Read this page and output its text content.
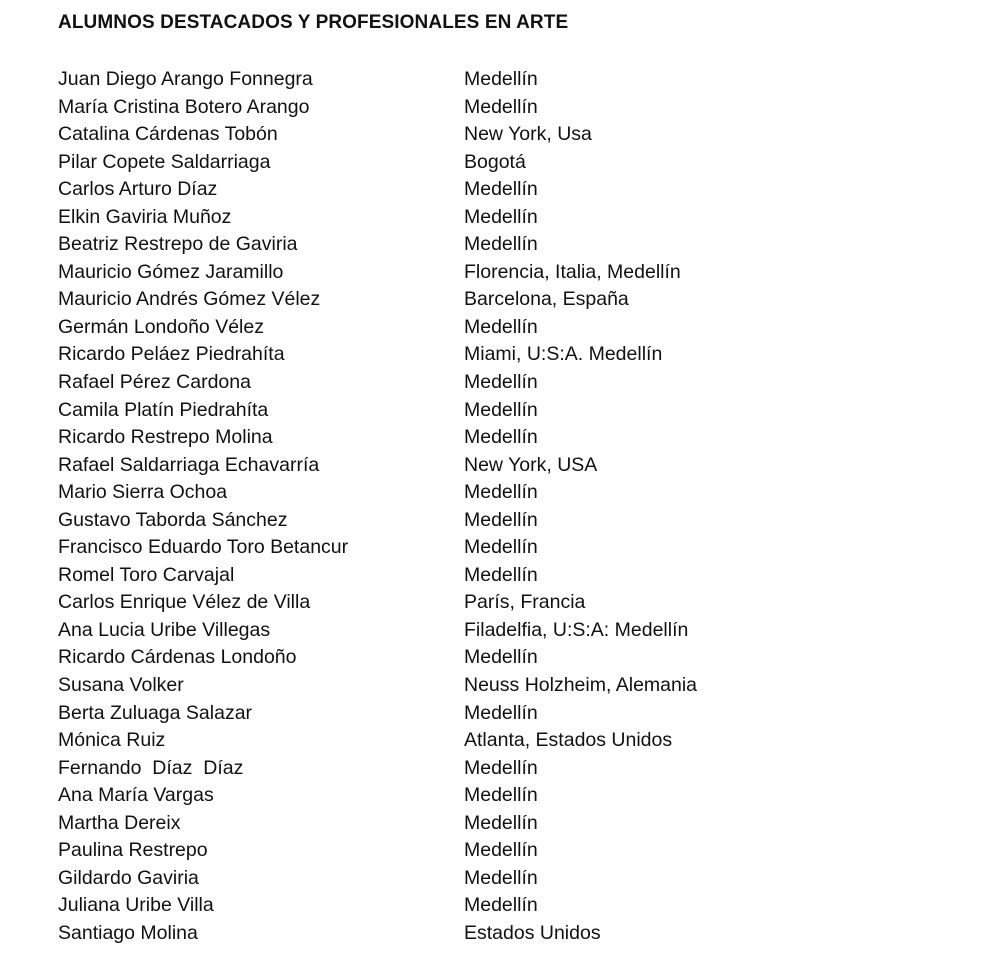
ALUMNOS DESTACADOS Y PROFESIONALES EN ARTE
Juan Diego Arango Fonnegra	Medellín
María Cristina Botero Arango	Medellín
Catalina Cárdenas Tobón	New York, Usa
Pilar Copete Saldarriaga	Bogotá
Carlos Arturo Díaz	Medellín
Elkin Gaviria Muñoz	Medellín
Beatriz Restrepo de Gaviria	Medellín
Mauricio Gómez Jaramillo	Florencia, Italia, Medellín
Mauricio Andrés Gómez Vélez	Barcelona, España
Germán Londoño Vélez	Medellín
Ricardo Peláez Piedrahíta	Miami, U:S:A. Medellín
Rafael Pérez Cardona	Medellín
Camila Platín Piedrahíta	Medellín
Ricardo Restrepo Molina	Medellín
Rafael Saldarriaga Echavarría	New York, USA
Mario Sierra Ochoa	Medellín
Gustavo Taborda Sánchez	Medellín
Francisco Eduardo Toro Betancur	Medellín
Romel Toro Carvajal	Medellín
Carlos Enrique Vélez de Villa	París, Francia
Ana Lucia Uribe Villegas	Filadelfia, U:S:A: Medellín
Ricardo Cárdenas Londoño	Medellín
Susana Volker	Neuss Holzheim, Alemania
Berta Zuluaga Salazar	Medellín
Mónica Ruiz	Atlanta, Estados Unidos
Fernando  Díaz  Díaz	Medellín
Ana María Vargas	Medellín
Martha Dereix	Medellín
Paulina Restrepo	Medellín
Gildardo Gaviria	Medellín
Juliana Uribe Villa	Medellín
Santiago Molina	Estados Unidos
